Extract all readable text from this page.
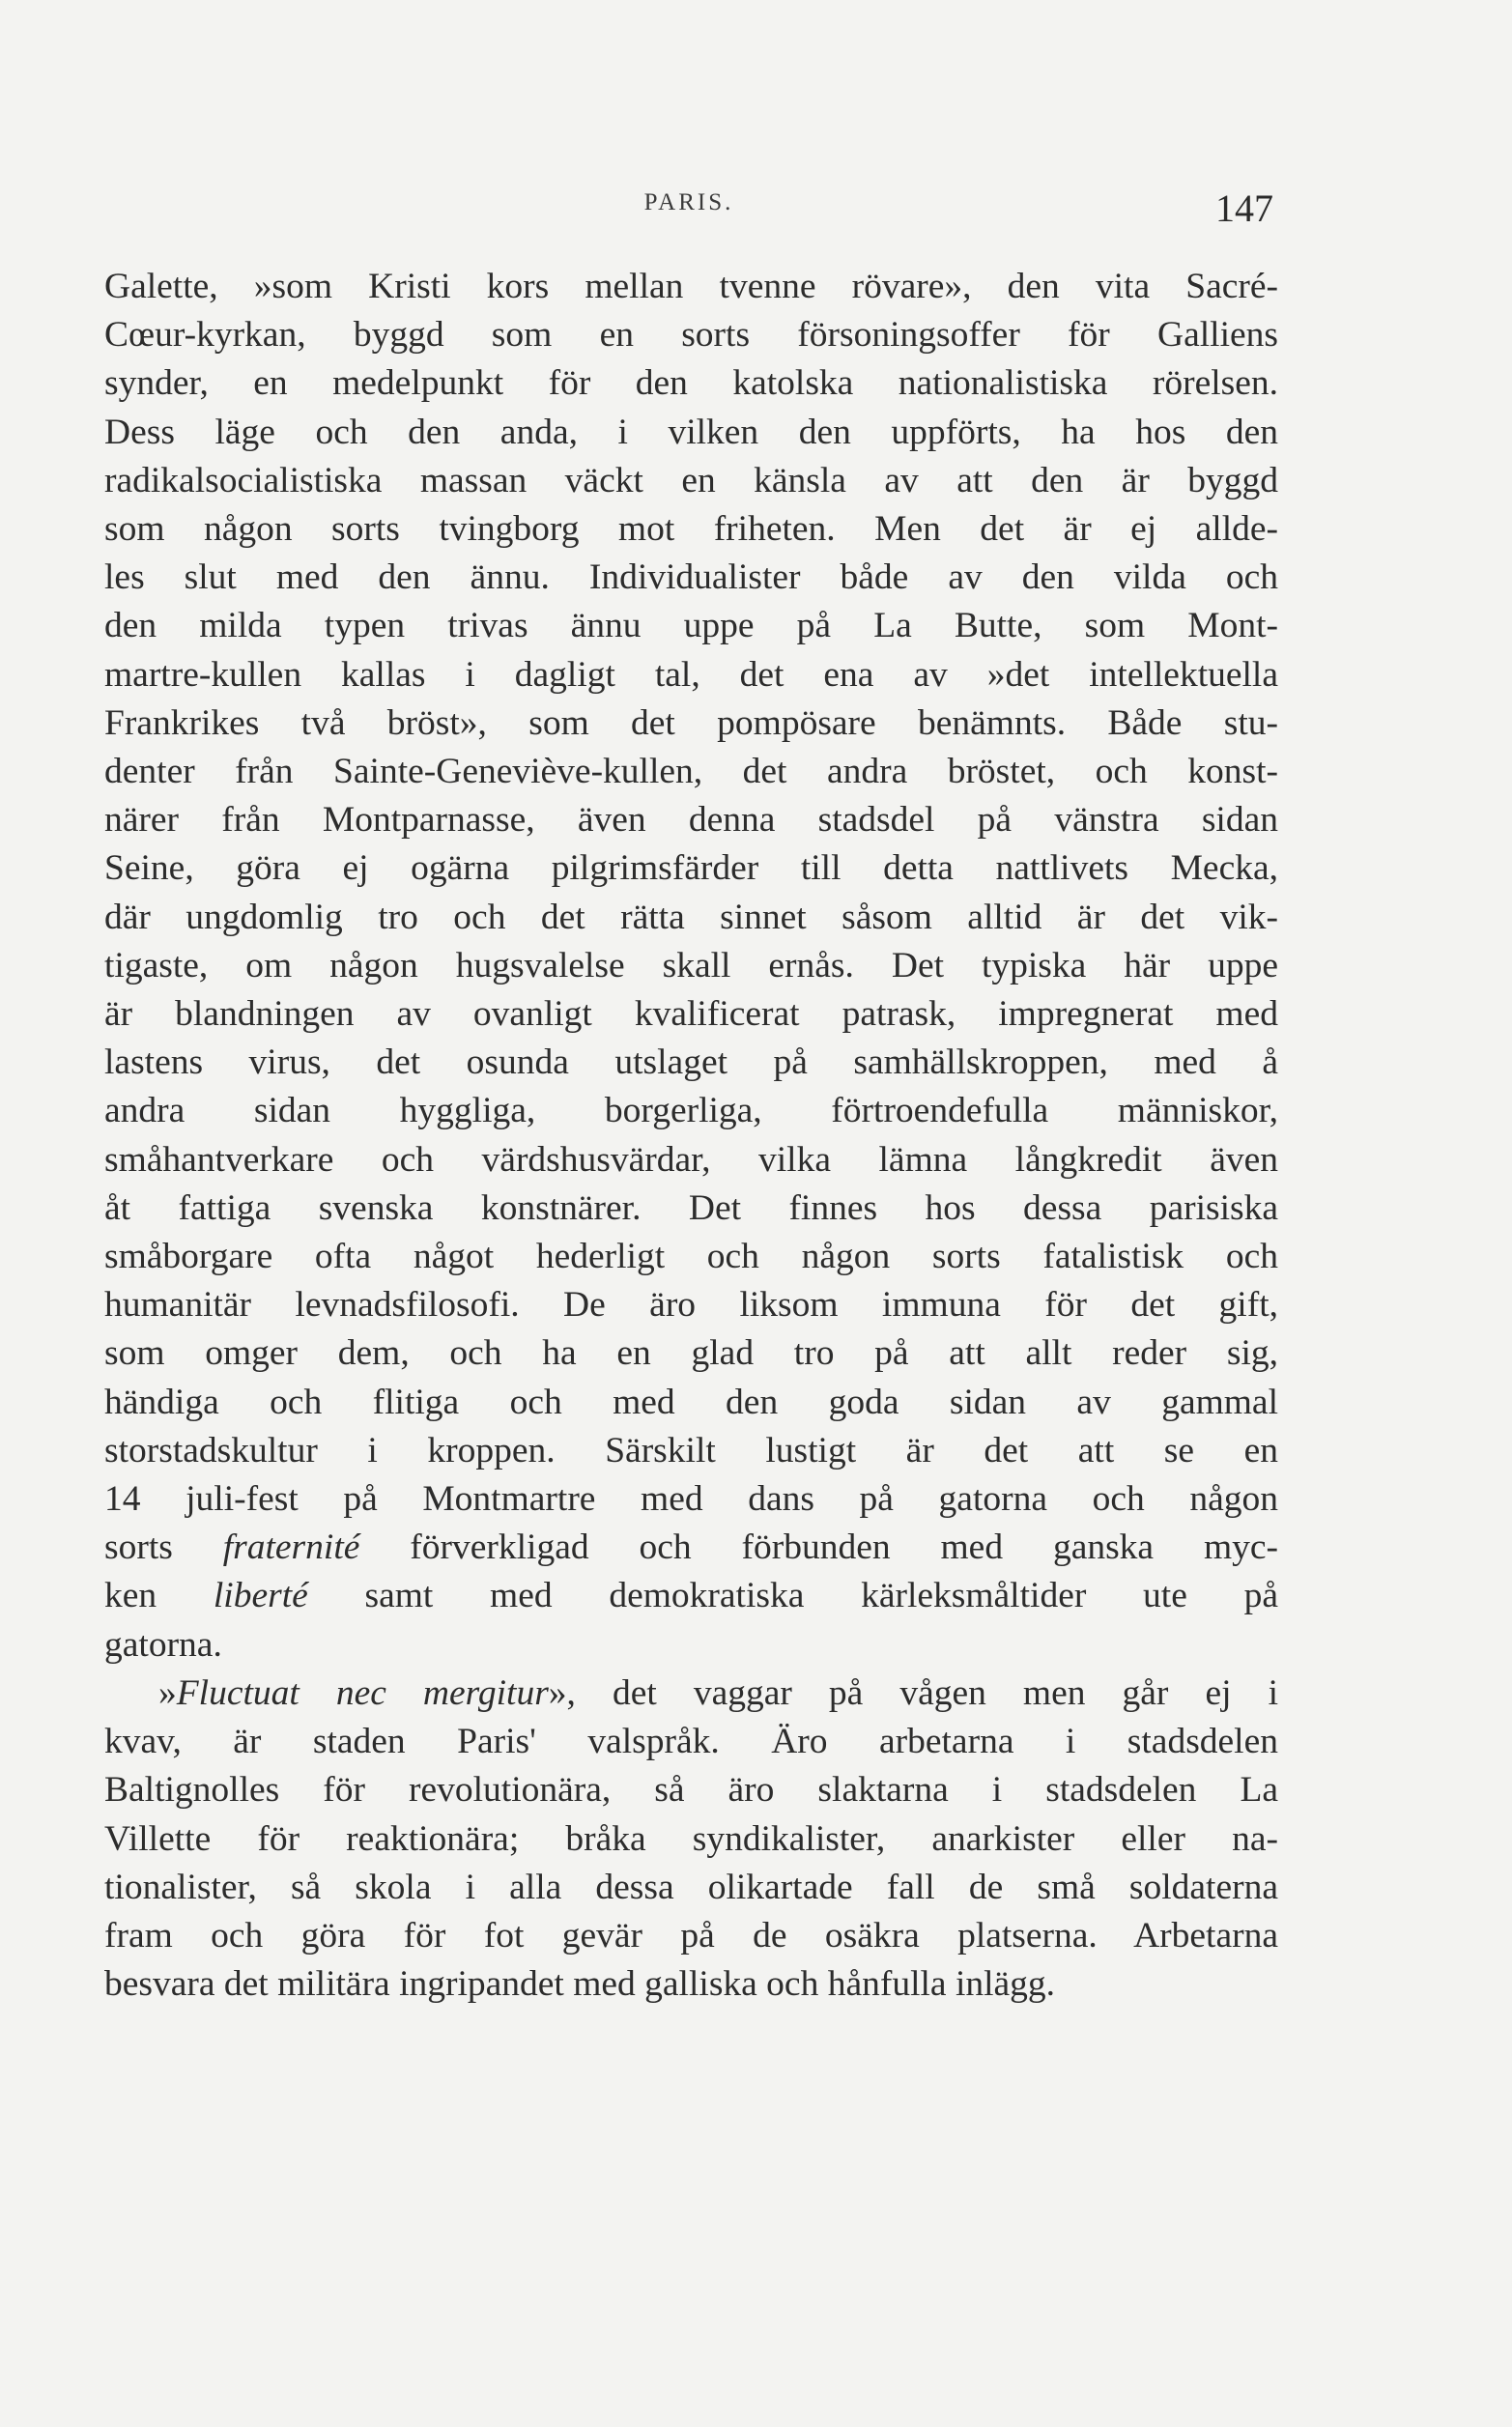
PARIS.	147

Galette, »som Kristi kors mellan tvenne rövare», den vita Sacré-
Cœur-kyrkan, byggd som en sorts försoningsoffer för Galliens
synder, en medelpunkt för den katolska nationalistiska rörelsen.
Dess läge och den anda, i vilken den uppförts, ha hos den
radikalsocialistiska massan väckt en känsla av att den är byggd
som någon sorts tvingborg mot friheten. Men det är ej allde-
les slut med den ännu. Individualister både av den vilda och
den milda typen trivas ännu uppe på La Butte, som Mont-
martre-kullen kallas i dagligt tal, det ena av »det intellektuella
Frankrikes två bröst», som det pompösare benämnts. Både stu-
denter från Sainte-Geneviève-kullen, det andra bröstet, och konst-
närer från Montparnasse, även denna stadsdel på vänstra sidan
Seine, göra ej ogärna pilgrimsfärder till detta nattlivets Mecka,
där ungdomlig tro och det rätta sinnet såsom alltid är det vik-
tigaste, om någon hugsvalelse skall ernås. Det typiska här uppe
är blandningen av ovanligt kvalificerat patrask, impregnerat med
lastens virus, det osunda utslaget på samhällskroppen, med å
andra sidan hyggliga, borgerliga, förtroendefulla människor,
småhantverkare och värdshusvärdar, vilka lämna långkredit även
åt fattiga svenska konstnärer. Det finnes hos dessa parisiska
småborgare ofta något hederligt och någon sorts fatalistisk och
humanitär levnadsfilosofi. De äro liksom immuna för det gift,
som omger dem, och ha en glad tro på att allt reder sig,
händiga och flitiga och med den goda sidan av gammal
storstadskultur i kroppen. Särskilt lustigt är det att se en
14 juli-fest på Montmartre med dans på gatorna och någon
sorts fraternité förverkligad och förbunden med ganska myc-
ken liberté samt med demokratiska kärleksmåltider ute på
gatorna.

»Fluctuat nec mergitur», det vaggar på vågen men går ej i
kvav, är staden Paris' valspråk. Äro arbetarna i stadsdelen
Baltignolles för revolutionära, så äro slaktarna i stadsdelen La
Villette för reaktionära; bråka syndikalister, anarkister eller na-
tionalister, så skola i alla dessa olikartade fall de små soldaterna
fram och göra för fot gevär på de osäkra platserna. Arbetarna
besvara det militära ingripandet med galliska och hånfulla inlägg.
